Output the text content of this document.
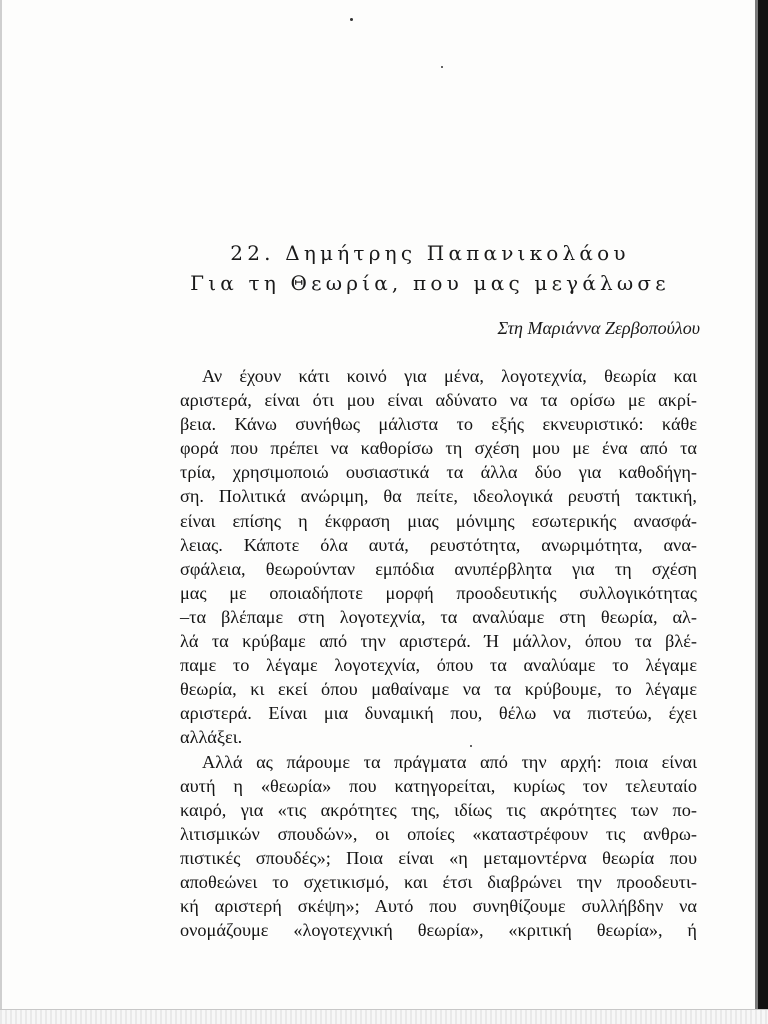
22. Δημήτρης Παπανικολάου
Για τη Θεωρία, που μας μεγάλωσε
Στη Μαριάννα Ζερβοπούλου
Αν έχουν κάτι κοινό για μένα, λογοτεχνία, θεωρία και
αριστερά, είναι ότι μου είναι αδύνατο να τα ορίσω με ακρί-
βεια. Κάνω συνήθως μάλιστα το εξής εκνευριστικό: κάθε
φορά που πρέπει να καθορίσω τη σχέση μου με ένα από τα
τρία, χρησιμοποιώ ουσιαστικά τα άλλα δύο για καθοδήγη-
ση. Πολιτικά ανώριμη, θα πείτε, ιδεολογικά ρευστή τακτική,
είναι επίσης η έκφραση μιας μόνιμης εσωτερικής ανασφά-
λειας. Κάποτε όλα αυτά, ρευστότητα, ανωριμότητα, ανα-
σφάλεια, θεωρούνταν εμπόδια ανυπέρβλητα για τη σχέση
μας με οποιαδήποτε μορφή προοδευτικής συλλογικότητας
–τα βλέπαμε στη λογοτεχνία, τα αναλύαμε στη θεωρία, αλ-
λά τα κρύβαμε από την αριστερά. Ή μάλλον, όπου τα βλέ-
παμε το λέγαμε λογοτεχνία, όπου τα αναλύαμε το λέγαμε
θεωρία, κι εκεί όπου μαθαίναμε να τα κρύβουμε, το λέγαμε
αριστερά. Είναι μια δυναμική που, θέλω να πιστεύω, έχει
αλλάξει.
Αλλά ας πάρουμε τα πράγματα από την αρχή: ποια είναι
αυτή η «θεωρία» που κατηγορείται, κυρίως τον τελευταίο
καιρό, για «τις ακρότητες της, ιδίως τις ακρότητες των πο-
λιτισμικών σπουδών», οι οποίες «καταστρέφουν τις ανθρω-
πιστικές σπουδές»; Ποια είναι «η μεταμοντέρνα θεωρία που
αποθεώνει το σχετικισμό, και έτσι διαβρώνει την προοδευτι-
κή αριστερή σκέψη»; Αυτό που συνηθίζουμε συλλήβδην να
ονομάζουμε «λογοτεχνική θεωρία», «κριτική θεωρία», ή
